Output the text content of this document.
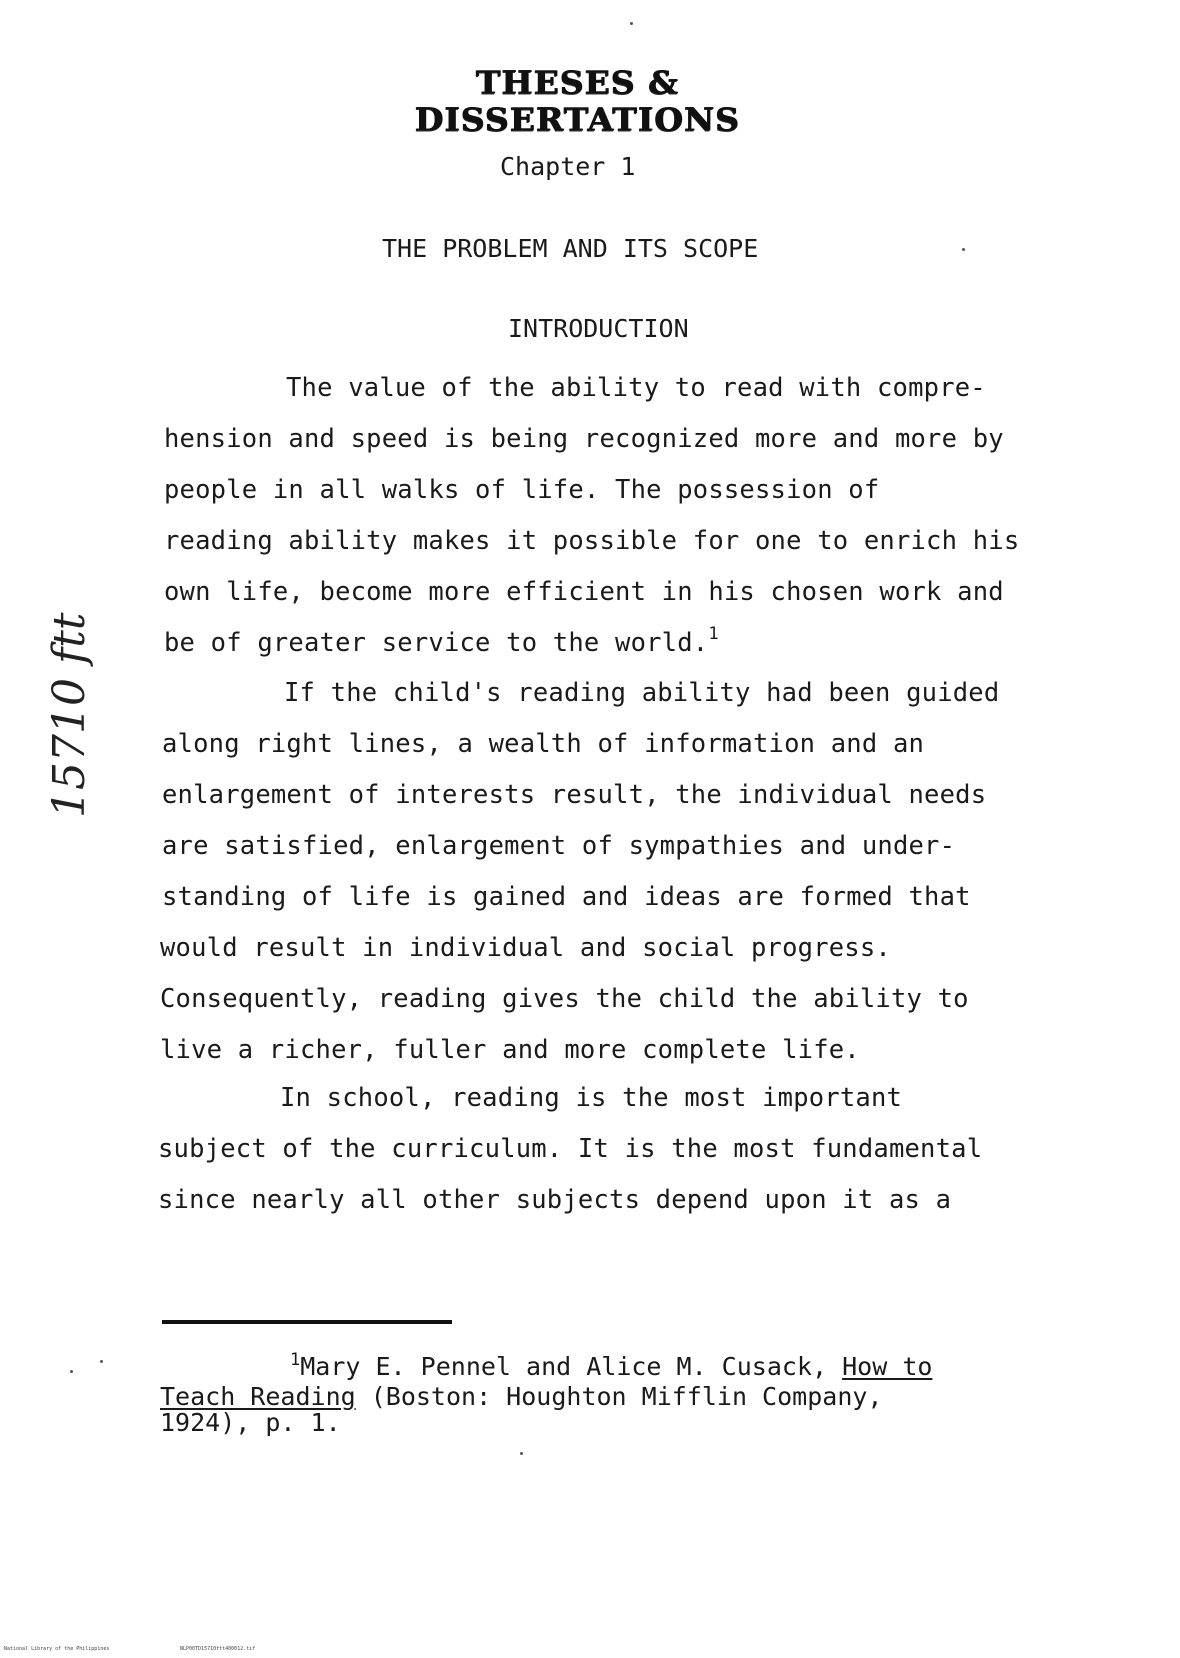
THESES & DISSERTATIONS
Chapter 1
THE PROBLEM AND ITS SCOPE
INTRODUCTION
15710 ftt
The value of the ability to read with compre-
hension and speed is being recognized more and more by
people in all walks of life. The possession of
reading ability makes it possible for one to enrich his
own life, become more efficient in his chosen work and
be of greater service to the world.$^1$
If the child's reading ability had been guided
along right lines, a wealth of information and an
enlargement of interests result, the individual needs
are satisfied, enlargement of sympathies and under-
standing of life is gained and ideas are formed that
would result in individual and social progress.
Consequently, reading gives the child the ability to
live a richer, fuller and more complete life.
In school, reading is the most important
subject of the curriculum. It is the most fundamental
since nearly all other subjects depend upon it as a
$^1$Mary E. Pennel and Alice M. Cusack, How to
Teach Reading (Boston: Houghton Mifflin Company,
1924), p. 1.
National Library of the Philippines	NLP00TD15710ftt400012.tif
